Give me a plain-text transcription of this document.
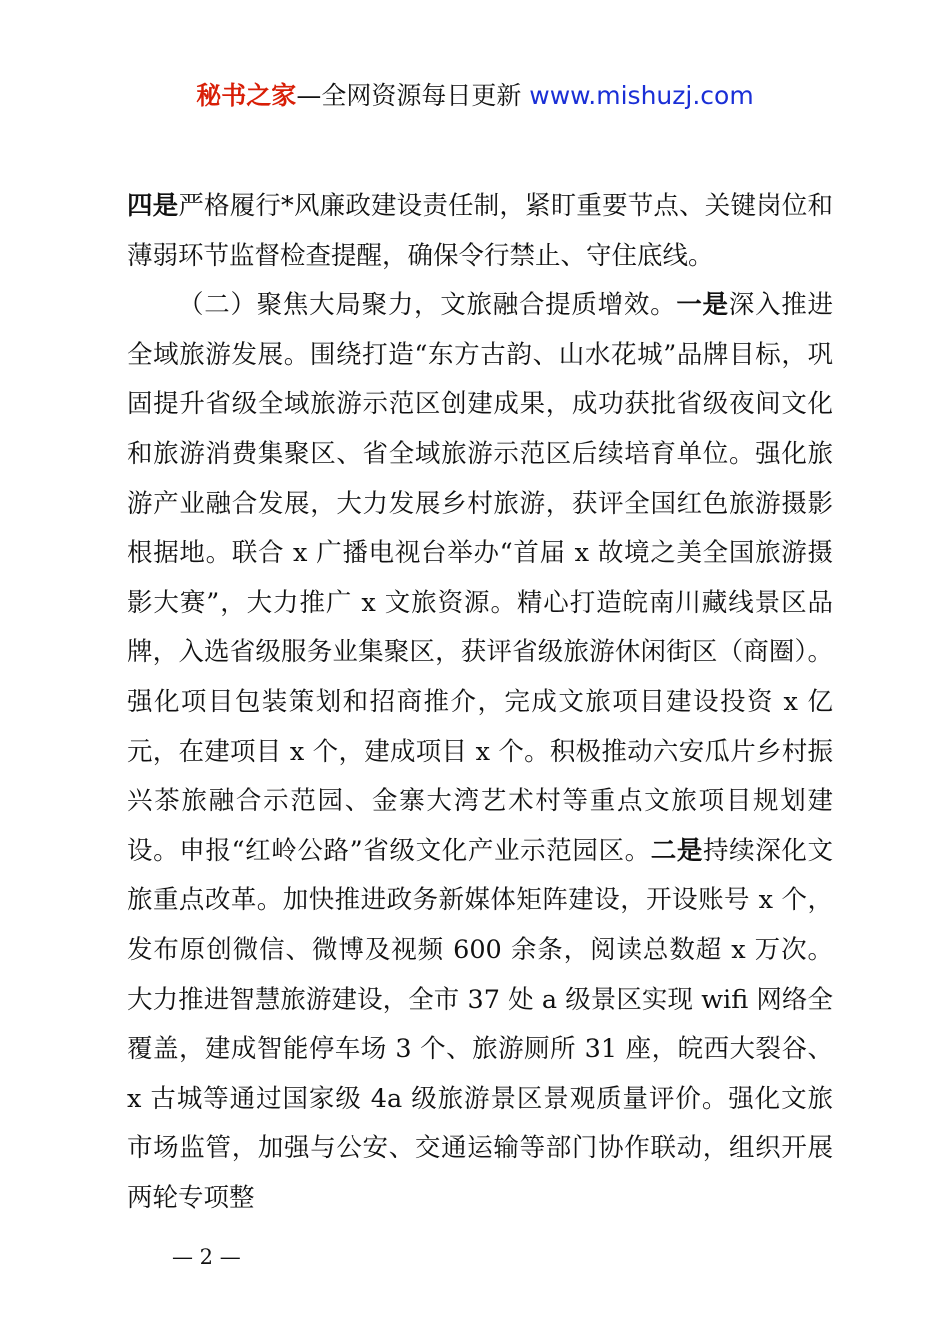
秘书之家—全网资源每日更新 www.mishuzj.com

四是严格履行*风廉政建设责任制，紧盯重要节点、关键岗位和薄弱环节监督检查提醒，确保令行禁止、守住底线。

（二）聚焦大局聚力，文旅融合提质增效。一是深入推进全域旅游发展。围绕打造“东方古韵、山水花城”品牌目标，巩固提升省级全域旅游示范区创建成果，成功获批省级夜间文化和旅游消费集聚区、省全域旅游示范区后续培育单位。强化旅游产业融合发展，大力发展乡村旅游，获评全国红色旅游摄影根据地。联合 x 广播电视台举办“首届 x 故境之美全国旅游摄影大赛”，大力推广 x 文旅资源。精心打造皖南川藏线景区品牌，入选省级服务业集聚区，获评省级旅游休闲街区（商圈）。强化项目包装策划和招商推介，完成文旅项目建设投资 x 亿元，在建项目 x 个，建成项目 x 个。积极推动六安瓜片乡村振兴茶旅融合示范园、金寨大湾艺术村等重点文旅项目规划建设。申报“红岭公路”省级文化产业示范园区。二是持续深化文旅重点改革。加快推进政务新媒体矩阵建设，开设账号 x 个，发布原创微信、微博及视频 600 余条，阅读总数超 x 万次。大力推进智慧旅游建设，全市 37 处 a 级景区实现 wifi 网络全覆盖，建成智能停车场 3 个、旅游厕所 31 座，皖西大裂谷、x 古城等通过国家级 4a 级旅游景区景观质量评价。强化文旅市场监管，加强与公安、交通运输等部门协作联动，组织开展两轮专项整

— 2 —
